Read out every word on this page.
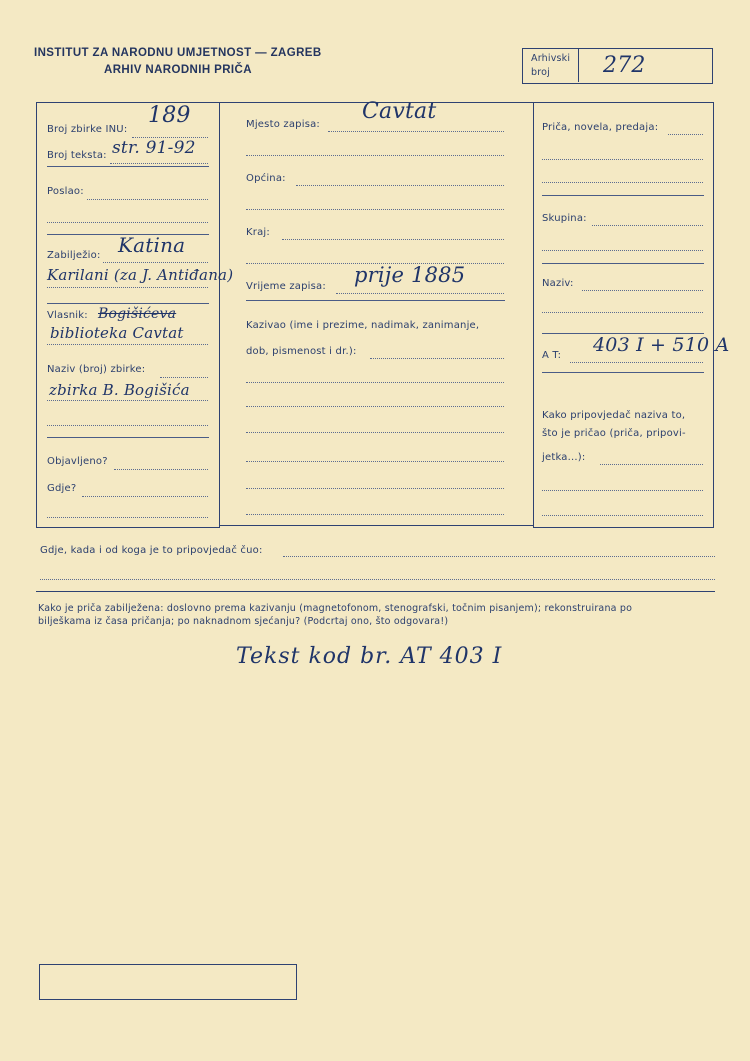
INSTITUT ZA NARODNU UMJETNOST — ZAGREB
ARHIV NARODNIH PRIČA
Arhivski
broj 272
Broj zbirke INU:
189
Broj teksta: str. 91-92
Poslao:
Zabilježio: Katina
Karilani (za J. Antiđana)
Vlasnik: Bogišićeva
biblioteka Cavtat
Naziv (broj) zbirke:
zbirka B. Bogišića
Objavljeno?
Gdje?
Mjesto zapisa:
Cavtat
Općina:
Kraj:
Vrijeme zapisa: prije 1885
Kazivao (ime i prezime, nadimak, zanimanje,
dob, pismenost i dr.):
Priča, novela, predaja:
Skupina:
Naziv:
A T: 403 I + 510 A
Kako pripovjedač naziva to,
što je pričao (priča, pripovi-
jetka...):
Gdje, kada i od koga je to pripovjedač čuo:
Kako je priča zabilježena: doslovno prema kazivanju (magnetofonom, stenografski, točnim pisanjem); rekonstruirana po
bilješkama iz časa pričanja; po naknadnom sjećanju? (Podcrtaj ono, što odgovara!)
Tekst kod br. AT 403 I
